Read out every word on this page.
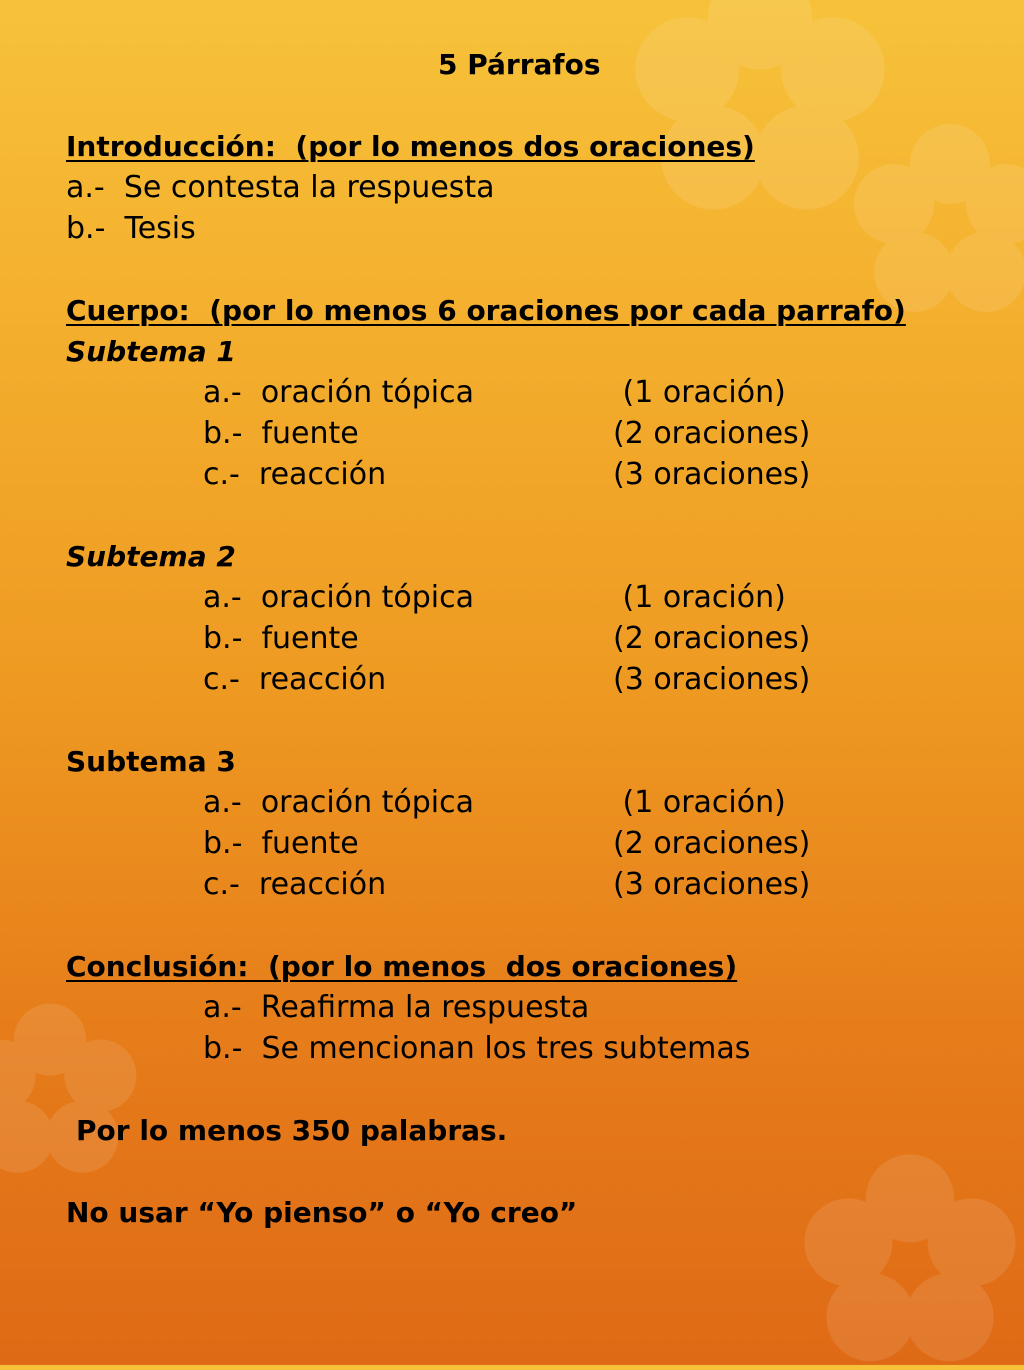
5 Párrafos
Introducción:  (por lo menos dos oraciones)
a.-  Se contesta la respuesta
b.-  Tesis
Cuerpo:  (por lo menos 6 oraciones por cada parrafo)
Subtema 1
a.-  oración tópica	(1 oración)
b.-  fuente	(2 oraciones)
c.-  reacción	(3 oraciones)
Subtema 2
a.-  oración tópica	(1 oración)
b.-  fuente	(2 oraciones)
c.-  reacción	(3 oraciones)
Subtema 3
a.-  oración tópica	(1 oración)
b.-  fuente	(2 oraciones)
c.-  reacción	(3 oraciones)
Conclusión:  (por lo menos  dos oraciones)
a.-  Reafirma la respuesta
b.-  Se mencionan los tres subtemas
Por lo menos 350 palabras.
No usar “Yo pienso” o “Yo creo”
